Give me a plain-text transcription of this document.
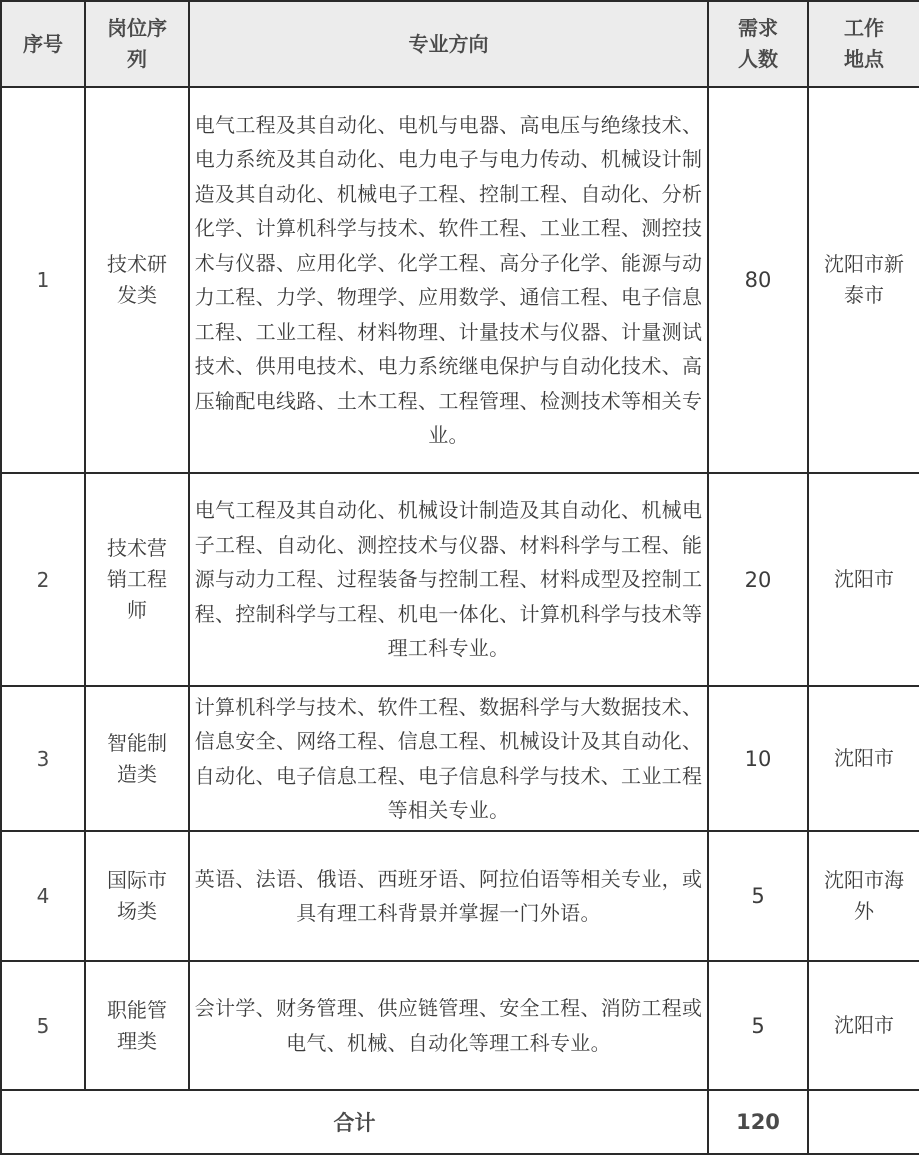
序号	岗位序列	专业方向	需求人数	工作地点
1	技术研发类	电气工程及其自动化、电机与电器、高电压与绝缘技术、电力系统及其自动化、电力电子与电力传动、机械设计制造及其自动化、机械电子工程、控制工程、自动化、分析化学、计算机科学与技术、软件工程、工业工程、测控技术与仪器、应用化学、化学工程、高分子化学、能源与动力工程、力学、物理学、应用数学、通信工程、电子信息工程、工业工程、材料物理、计量技术与仪器、计量测试技术、供用电技术、电力系统继电保护与自动化技术、高压输配电线路、土木工程、工程管理、检测技术等相关专业。	80	沈阳市新泰市
2	技术营销工程师	电气工程及其自动化、机械设计制造及其自动化、机械电子工程、自动化、测控技术与仪器、材料科学与工程、能源与动力工程、过程装备与控制工程、材料成型及控制工程、控制科学与工程、机电一体化、计算机科学与技术等理工科专业。	20	沈阳市
3	智能制造类	计算机科学与技术、软件工程、数据科学与大数据技术、信息安全、网络工程、信息工程、机械设计及其自动化、自动化、电子信息工程、电子信息科学与技术、工业工程等相关专业。	10	沈阳市
4	国际市场类	英语、法语、俄语、西班牙语、阿拉伯语等相关专业，或具有理工科背景并掌握一门外语。	5	沈阳市海外
5	职能管理类	会计学、财务管理、供应链管理、安全工程、消防工程或电气、机械、自动化等理工科专业。	5	沈阳市
合计			120	
